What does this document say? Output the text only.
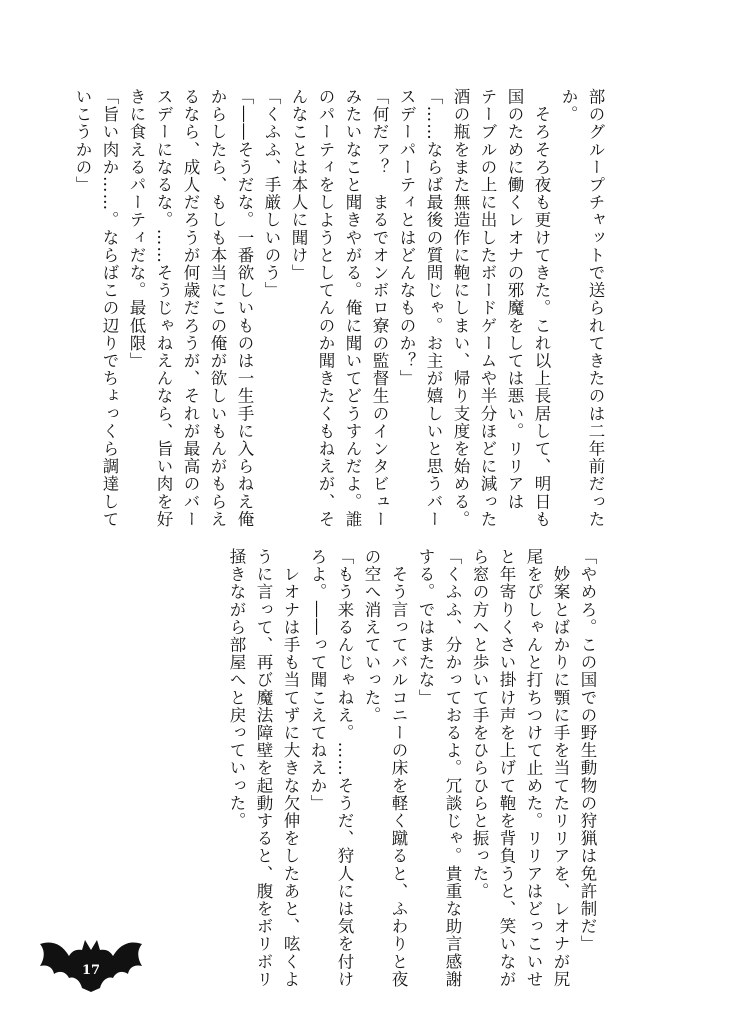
部のグループチャットで送られてきたのは二年前だった
か。
　そろそろ夜も更けてきた。これ以上長居して、明日も
国のために働くレオナの邪魔をしては悪い。リリアは
テーブルの上に出したボードゲームや半分ほどに減った
酒の瓶をまた無造作に鞄にしまい、帰り支度を始める。
「……ならば最後の質問じゃ。お主が嬉しいと思うバー
スデーパーティとはどんなものか？」
「何だァ？　まるでオンボロ寮の監督生のインタビュー
みたいなこと聞きやがる。俺に聞いてどうすんだよ。誰
のパーティをしようとしてんのか聞きたくもねえが、そ
んなことは本人に聞け」
「くふふ、手厳しいのう」
「――そうだな。一番欲しいものは一生手に入らねえ俺
からしたら、もしも本当にこの俺が欲しいもんがもらえ
るなら、成人だろうが何歳だろうが、それが最高のバー
スデーになるな。……そうじゃねえんなら、旨い肉を好
きに食えるパーティだな。最低限」
「旨い肉か……。ならばこの辺りでちょっくら調達して
いこうかの」
「やめろ。この国での野生動物の狩猟は免許制だ」
　妙案とばかりに顎に手を当てたリリアを、レオナが尻
尾をぴしゃんと打ちつけて止めた。リリアはどっこいせ
と年寄りくさい掛け声を上げて鞄を背負うと、笑いなが
ら窓の方へと歩いて手をひらひらと振った。
「くふふ、分かっておるよ。冗談じゃ。貴重な助言感謝
する。ではまたな」
　そう言ってバルコニーの床を軽く蹴ると、ふわりと夜
の空へ消えていった。
「もう来るんじゃねえ。……そうだ、狩人には気を付け
ろよ。――って聞こえてねえか」
　レオナは手も当てずに大きな欠伸をしたあと、呟くよ
うに言って、再び魔法障壁を起動すると、腹をボリボリ
掻きながら部屋へと戻っていった。
17
